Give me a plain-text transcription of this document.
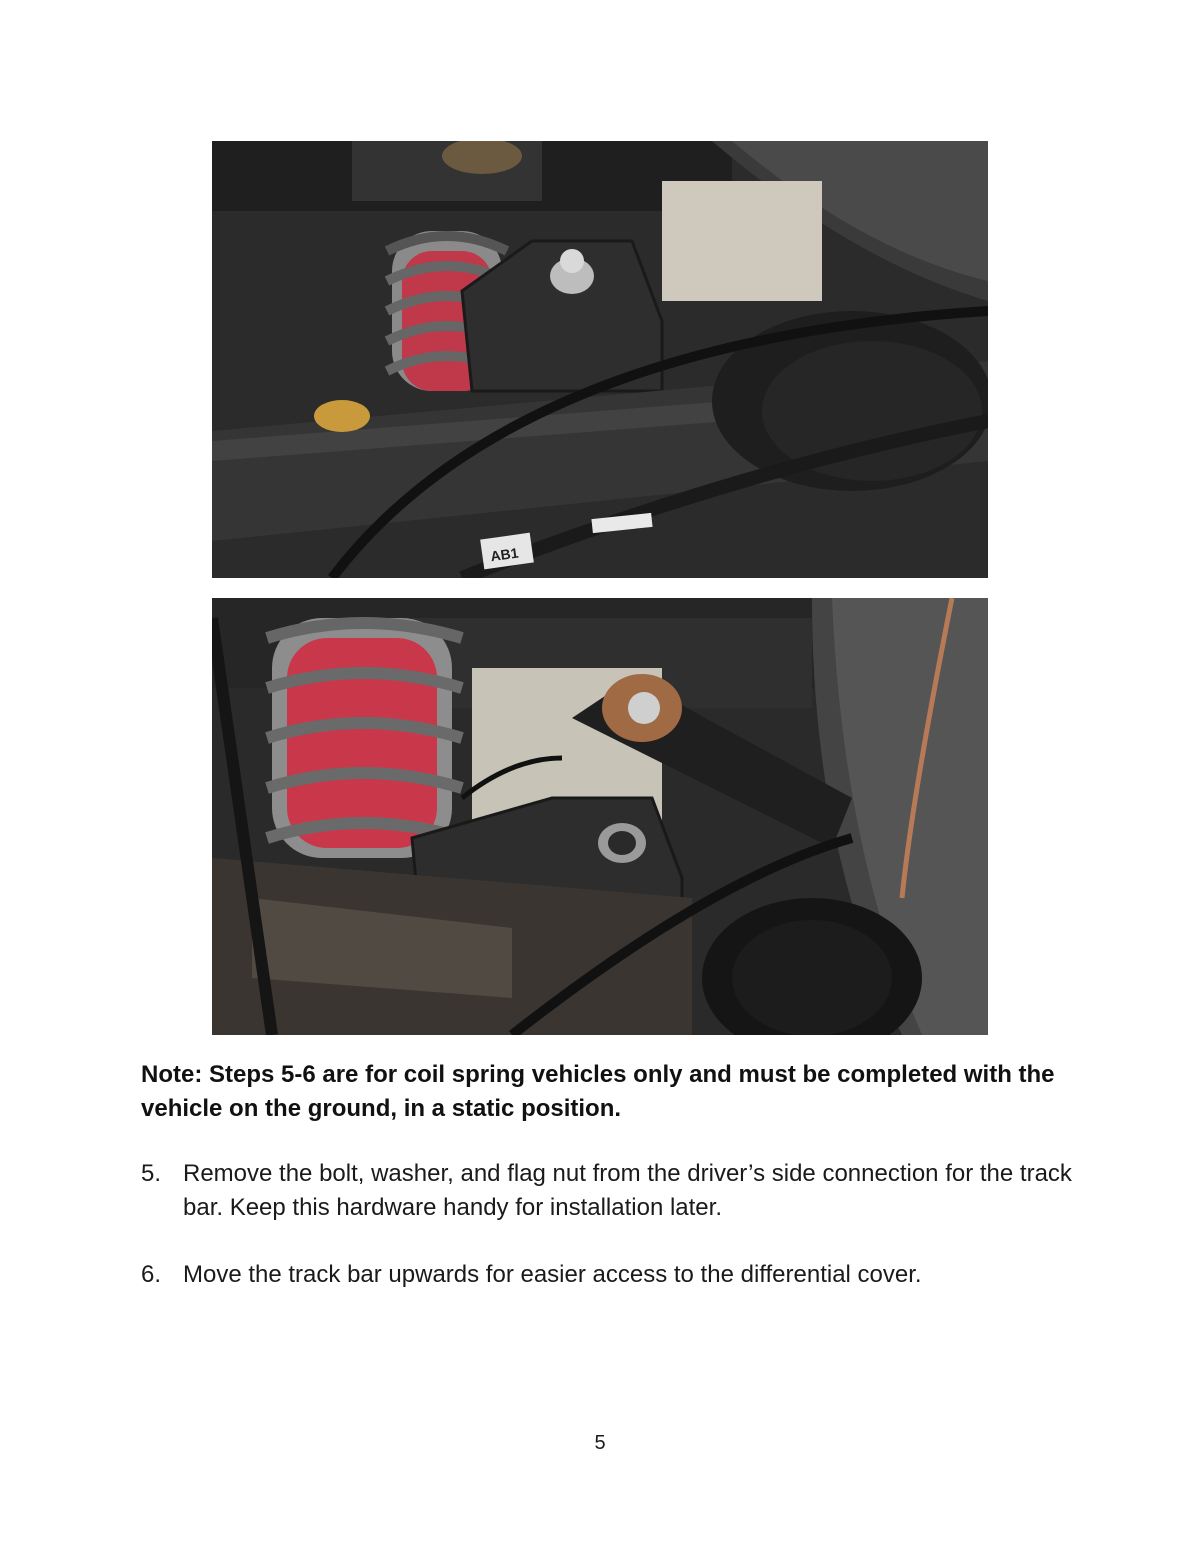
AB1
Note: Steps 5-6 are for coil spring vehicles only and must be completed with the vehicle on the ground, in a static position.
5. Remove the bolt, washer, and flag nut from the driver’s side connection for the track bar. Keep this hardware handy for installation later.
6. Move the track bar upwards for easier access to the differential cover.
5
